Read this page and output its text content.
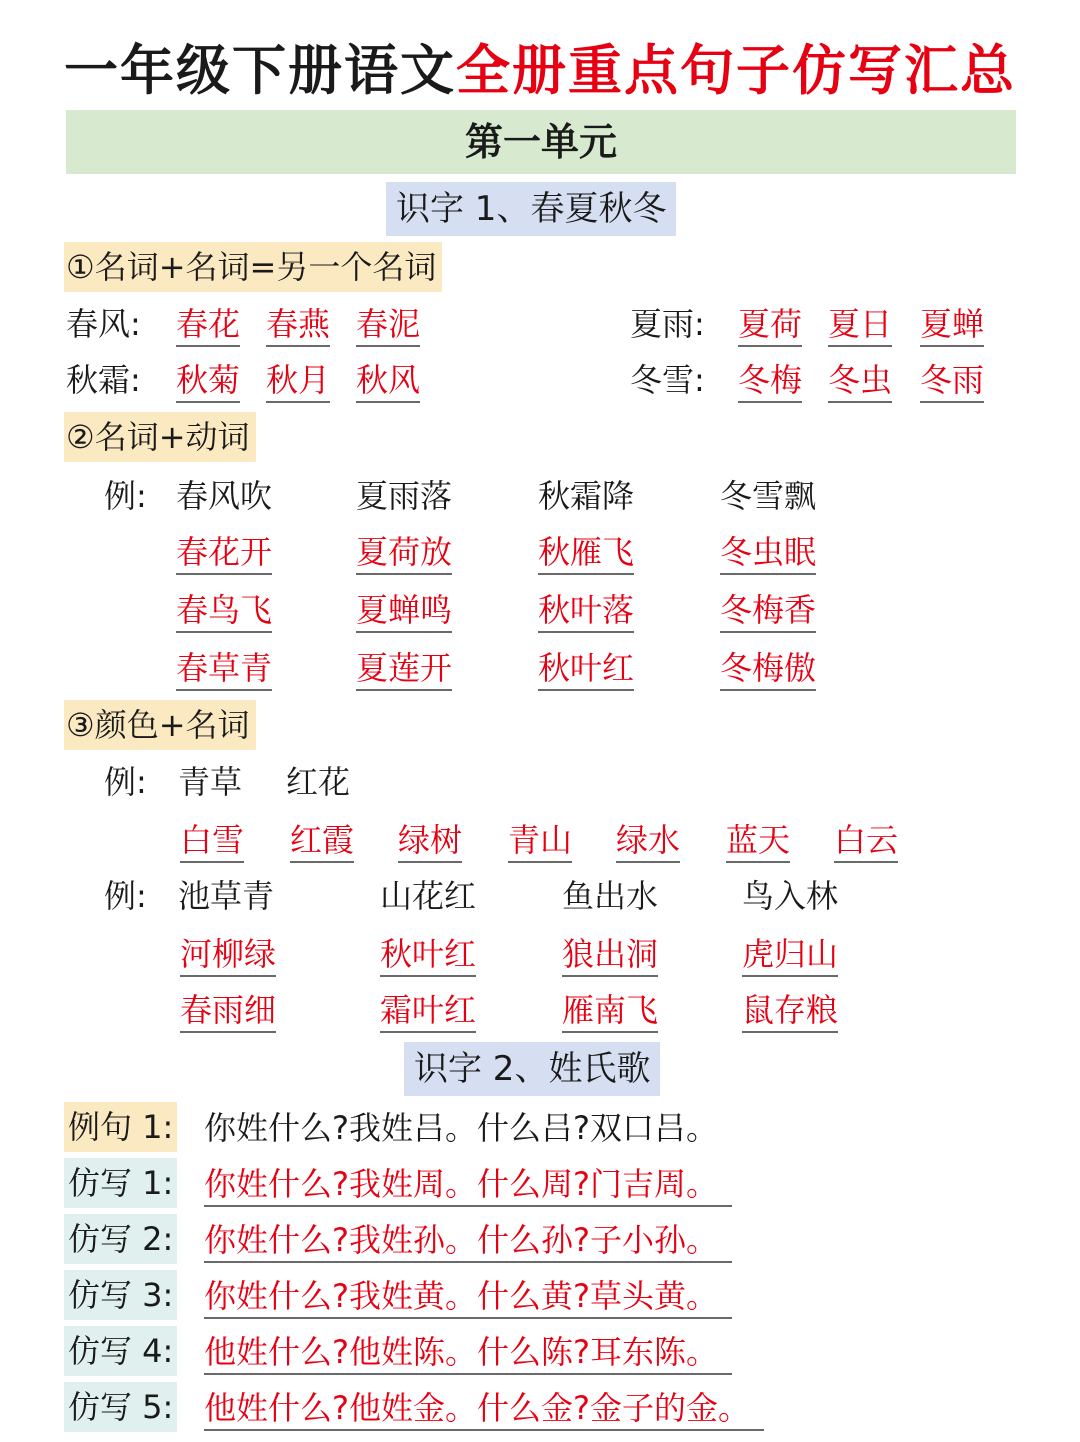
一年级下册语文全册重点句子仿写汇总
第一单元
识字 1、春夏秋冬
①名词+名词=另一个名词
春风: 春花 春燕 春泥	夏雨: 夏荷 夏日 夏蝉
秋霜: 秋菊 秋月 秋风	冬雪: 冬梅 冬虫 冬雨
②名词+动词
例: 春风吹	夏雨落	秋霜降	冬雪飘
春花开	夏荷放	秋雁飞	冬虫眠
春鸟飞	夏蝉鸣	秋叶落	冬梅香
春草青	夏莲开	秋叶红	冬梅傲
③颜色+名词
例: 青草 红花
白雪 红霞 绿树 青山 绿水 蓝天 白云
例: 池草青	山花红	鱼出水	鸟入林
河柳绿	秋叶红	狼出洞	虎归山
春雨细	霜叶红	雁南飞	鼠存粮
识字 2、姓氏歌
例句 1: 你姓什么?我姓吕。什么吕?双口吕。
仿写 1: 你姓什么?我姓周。什么周?门吉周。
仿写 2: 你姓什么?我姓孙。什么孙?子小孙。
仿写 3: 你姓什么?我姓黄。什么黄?草头黄。
仿写 4: 他姓什么?他姓陈。什么陈?耳东陈。
仿写 5: 他姓什么?他姓金。什么金?金子的金。
